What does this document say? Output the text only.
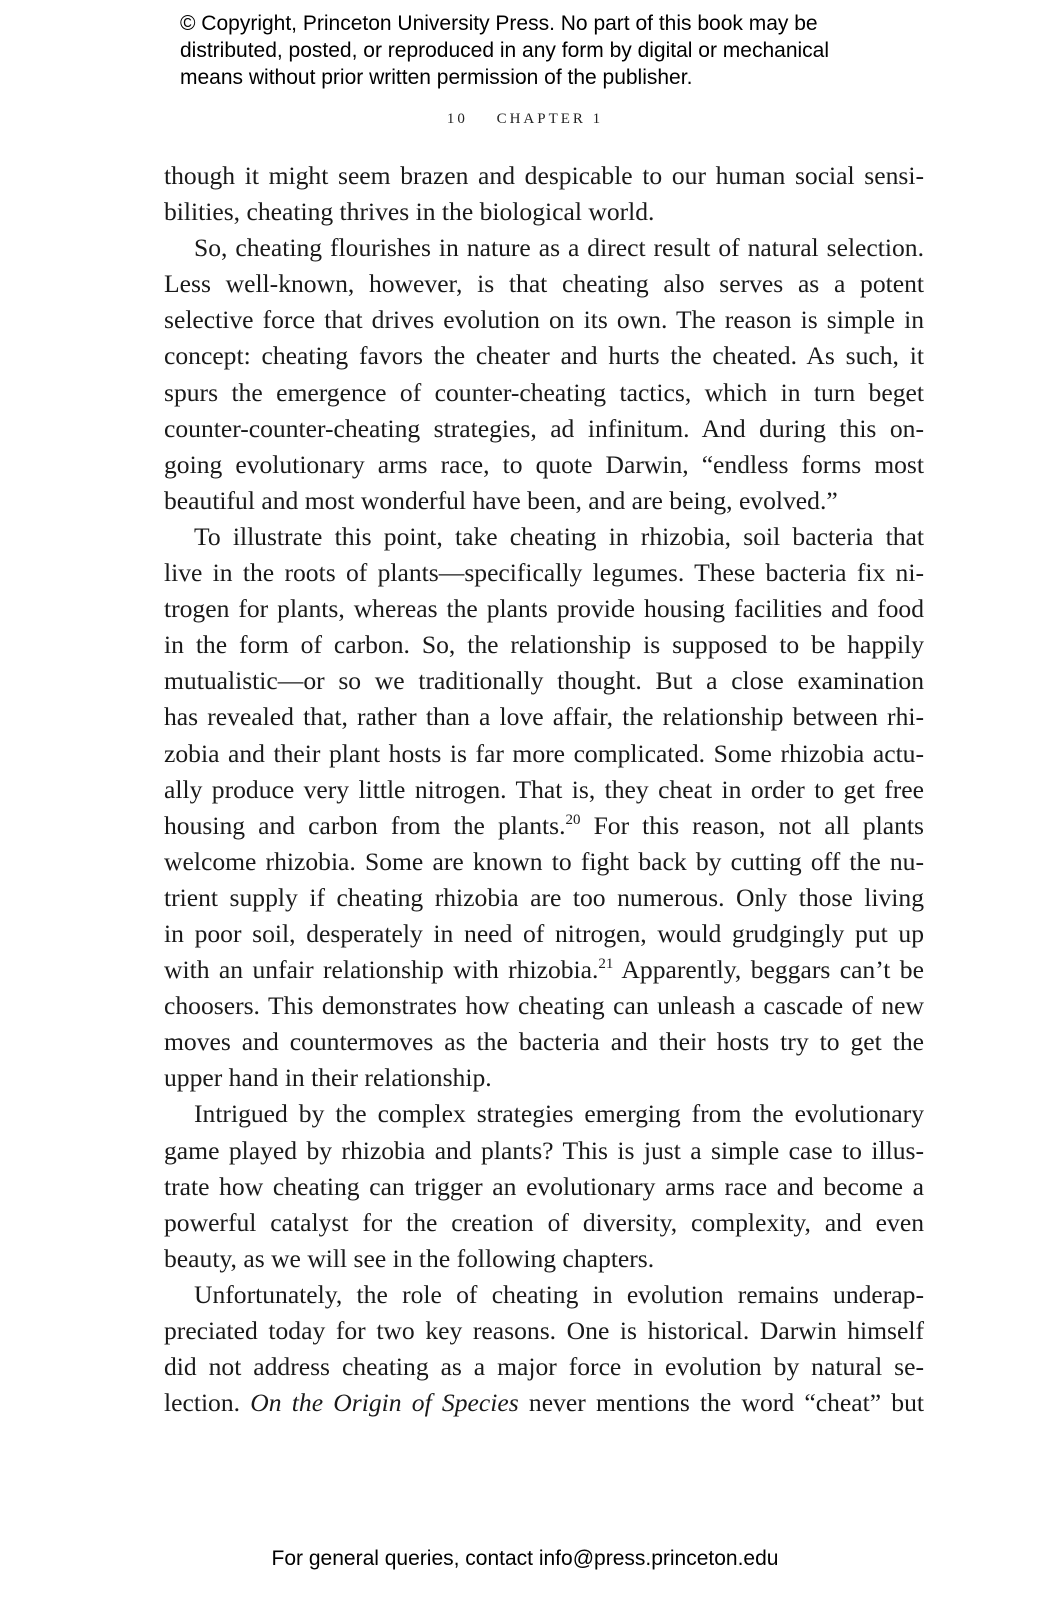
© Copyright, Princeton University Press. No part of this book may be
distributed, posted, or reproduced in any form by digital or mechanical
means without prior written permission of the publisher.
10 CHAPTER 1
though it might seem brazen and despicable to our human social sensi-
bilities, cheating thrives in the biological world.
So, cheating flourishes in nature as a direct result of natural selection.
Less well-known, however, is that cheating also serves as a potent
selective force that drives evolution on its own. The reason is simple in
concept: cheating favors the cheater and hurts the cheated. As such, it
spurs the emergence of counter-cheating tactics, which in turn beget
counter-counter-cheating strategies, ad infinitum. And during this on-
going evolutionary arms race, to quote Darwin, “endless forms most
beautiful and most wonderful have been, and are being, evolved.”
To illustrate this point, take cheating in rhizobia, soil bacteria that
live in the roots of plants—specifically legumes. These bacteria fix ni-
trogen for plants, whereas the plants provide housing facilities and food
in the form of carbon. So, the relationship is supposed to be happily
mutualistic—or so we traditionally thought. But a close examination
has revealed that, rather than a love affair, the relationship between rhi-
zobia and their plant hosts is far more complicated. Some rhizobia actu-
ally produce very little nitrogen. That is, they cheat in order to get free
housing and carbon from the plants.$^{20}$ For this reason, not all plants
welcome rhizobia. Some are known to fight back by cutting off the nu-
trient supply if cheating rhizobia are too numerous. Only those living
in poor soil, desperately in need of nitrogen, would grudgingly put up
with an unfair relationship with rhizobia.$^{21}$ Apparently, beggars can’t be
choosers. This demonstrates how cheating can unleash a cascade of new
moves and countermoves as the bacteria and their hosts try to get the
upper hand in their relationship.
Intrigued by the complex strategies emerging from the evolutionary
game played by rhizobia and plants? This is just a simple case to illus-
trate how cheating can trigger an evolutionary arms race and become a
powerful catalyst for the creation of diversity, complexity, and even
beauty, as we will see in the following chapters.
Unfortunately, the role of cheating in evolution remains underap-
preciated today for two key reasons. One is historical. Darwin himself
did not address cheating as a major force in evolution by natural se-
lection. On the Origin of Species never mentions the word “cheat” but
For general queries, contact info@press.princeton.edu
